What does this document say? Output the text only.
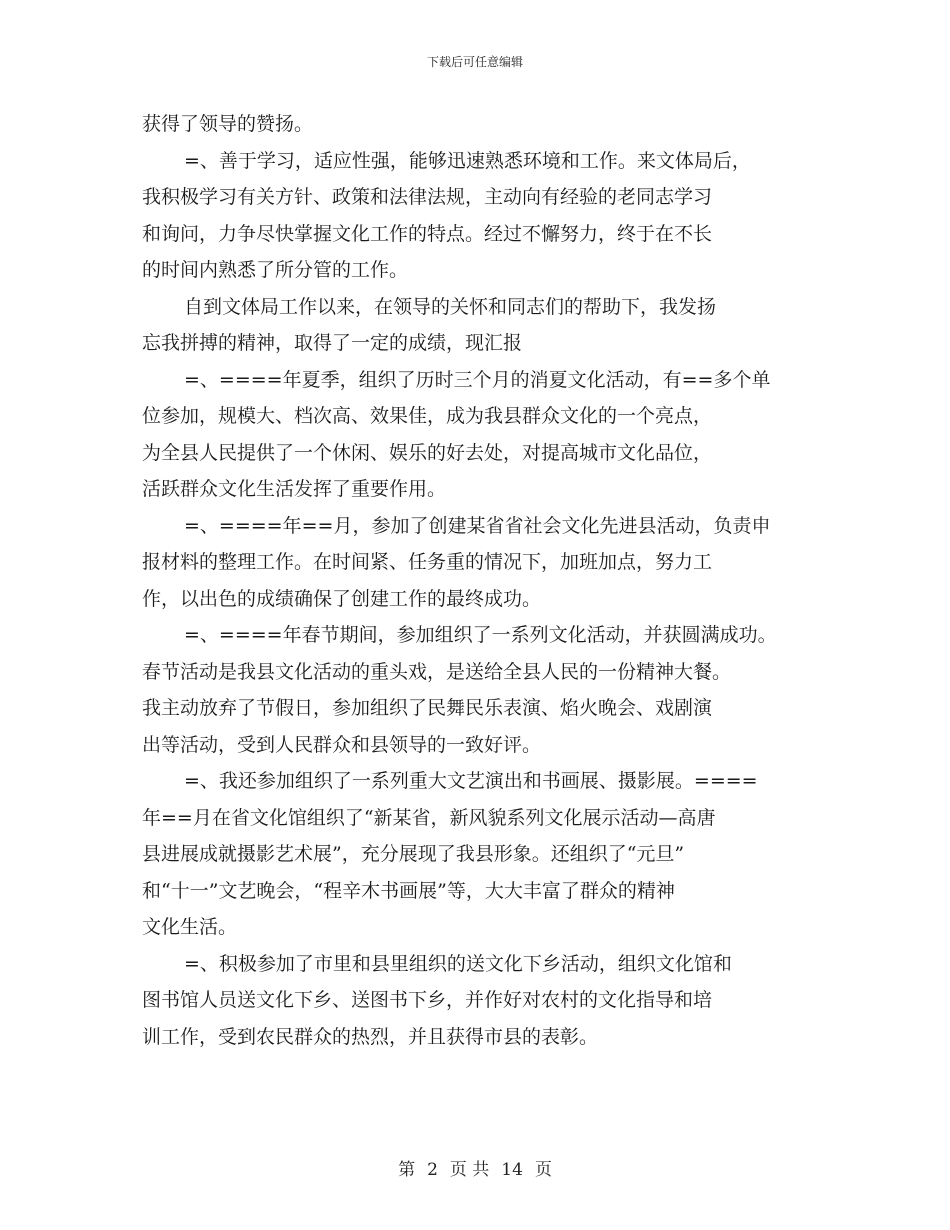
下载后可任意编辑
获得了领导的赞扬。
=、善于学习，适应性强，能够迅速熟悉环境和工作。来文体局后，
我积极学习有关方针、政策和法律法规，主动向有经验的老同志学习
和询问，力争尽快掌握文化工作的特点。经过不懈努力，终于在不长
的时间内熟悉了所分管的工作。
自到文体局工作以来，在领导的关怀和同志们的帮助下，我发扬
忘我拼搏的精神，取得了一定的成绩，现汇报
=、====年夏季，组织了历时三个月的消夏文化活动，有==多个单
位参加，规模大、档次高、效果佳，成为我县群众文化的一个亮点，
为全县人民提供了一个休闲、娱乐的好去处，对提高城市文化品位，
活跃群众文化生活发挥了重要作用。
=、====年==月，参加了创建某省省社会文化先进县活动，负责申
报材料的整理工作。在时间紧、任务重的情况下，加班加点，努力工
作，以出色的成绩确保了创建工作的最终成功。
=、====年春节期间，参加组织了一系列文化活动，并获圆满成功。
春节活动是我县文化活动的重头戏，是送给全县人民的一份精神大餐。
我主动放弃了节假日，参加组织了民舞民乐表演、焰火晚会、戏剧演
出等活动，受到人民群众和县领导的一致好评。
=、我还参加组织了一系列重大文艺演出和书画展、摄影展。====
年==月在省文化馆组织了“新某省，新风貌系列文化展示活动—高唐
县进展成就摄影艺术展”，充分展现了我县形象。还组织了“元旦”
和“十一”文艺晚会，“程辛木书画展”等，大大丰富了群众的精神
文化生活。
=、积极参加了市里和县里组织的送文化下乡活动，组织文化馆和
图书馆人员送文化下乡、送图书下乡，并作好对农村的文化指导和培
训工作，受到农民群众的热烈，并且获得市县的表彰。
第 2 页 共 14 页
